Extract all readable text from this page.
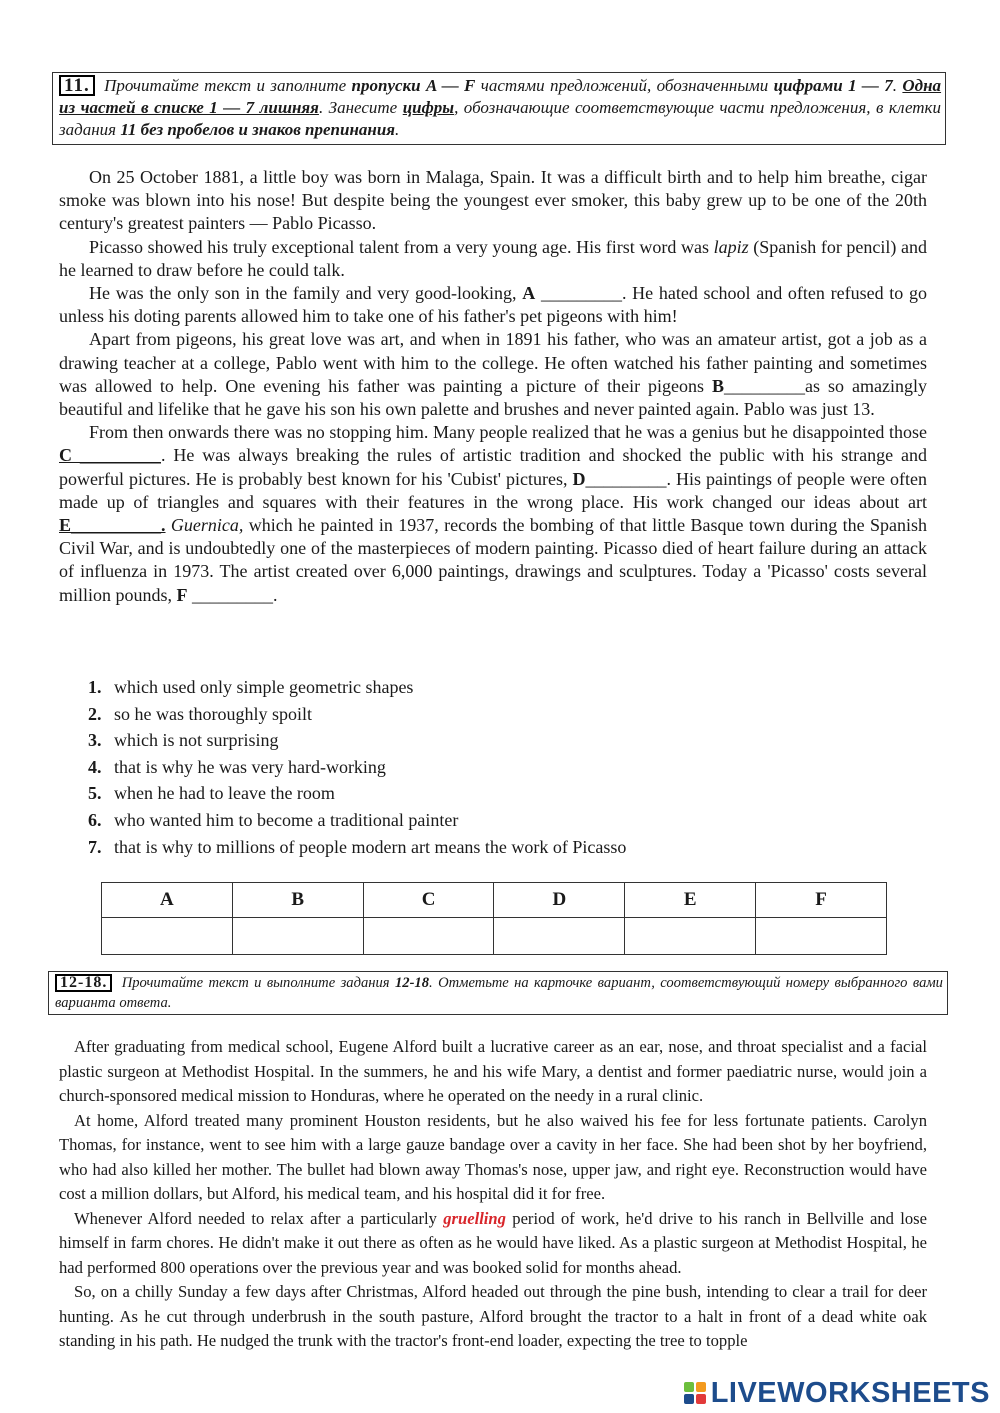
11. Прочитайте текст и заполните пропуски A — F частями предложений, обозначенными цифрами 1 — 7. Одна из частей в списке 1 — 7 лишняя. Занесите цифры, обозначающие соответствующие части предложения, в клетки задания 11 без пробелов и знаков препинания.

On 25 October 1881, a little boy was born in Malaga, Spain. It was a difficult birth and to help him breathe, cigar smoke was blown into his nose! But despite being the youngest ever smoker, this baby grew up to be one of the 20th century's greatest painters — Pablo Picasso.

Picasso showed his truly exceptional talent from a very young age. His first word was lapiz (Spanish for pencil) and he learned to draw before he could talk.

He was the only son in the family and very good-looking, A _________. He hated school and often refused to go unless his doting parents allowed him to take one of his father's pet pigeons with him!

Apart from pigeons, his great love was art, and when in 1891 his father, who was an amateur artist, got a job as a drawing teacher at a college, Pablo went with him to the college. He often watched his father painting and sometimes was allowed to help. One evening his father was painting a picture of their pigeons B_________as so amazingly beautiful and lifelike that he gave his son his own palette and brushes and never painted again. Pablo was just 13.

From then onwards there was no stopping him. Many people realized that he was a genius but he disappointed those C _________. He was always breaking the rules of artistic tradition and shocked the public with his strange and powerful pictures. He is probably best known for his 'Cubist' pictures, D_________. His paintings of people were often made up of triangles and squares with their features in the wrong place. His work changed our ideas about art E__________. Guernica, which he painted in 1937, records the bombing of that little Basque town during the Spanish Civil War, and is undoubtedly one of the masterpieces of modern painting. Picasso died of heart failure during an attack of influenza in 1973. The artist created over 6,000 paintings, drawings and sculptures. Today a 'Picasso' costs several million pounds, F _________.

1. which used only simple geometric shapes
2. so he was thoroughly spoilt
3. which is not surprising
4. that is why he was very hard-working
5. when he had to leave the room
6. who wanted him to become a traditional painter
7. that is why to millions of people modern art means the work of Picasso
A	B	C	D	E	F

12-18. Прочитайте текст и выполните задания 12-18. Отметьте на карточке вариант, соответствующий номеру выбранного вами варианта ответа.

After graduating from medical school, Eugene Alford built a lucrative career as an ear, nose, and throat specialist and a facial plastic surgeon at Methodist Hospital. In the summers, he and his wife Mary, a dentist and former paediatric nurse, would join a church-sponsored medical mission to Honduras, where he operated on the needy in a rural clinic.

At home, Alford treated many prominent Houston residents, but he also waived his fee for less fortunate patients. Carolyn Thomas, for instance, went to see him with a large gauze bandage over a cavity in her face. She had been shot by her boyfriend, who had also killed her mother. The bullet had blown away Thomas's nose, upper jaw, and right eye. Reconstruction would have cost a million dollars, but Alford, his medical team, and his hospital did it for free.

Whenever Alford needed to relax after a particularly gruelling period of work, he'd drive to his ranch in Bellville and lose himself in farm chores. He didn't make it out there as often as he would have liked. As a plastic surgeon at Methodist Hospital, he had performed 800 operations over the previous year and was booked solid for months ahead.

So, on a chilly Sunday a few days after Christmas, Alford headed out through the pine bush, intending to clear a trail for deer hunting. As he cut through underbrush in the south pasture, Alford brought the tractor to a halt in front of a dead white oak standing in his path. He nudged the trunk with the tractor's front-end loader, expecting the tree to topple

LIVEWORKSHEETS
